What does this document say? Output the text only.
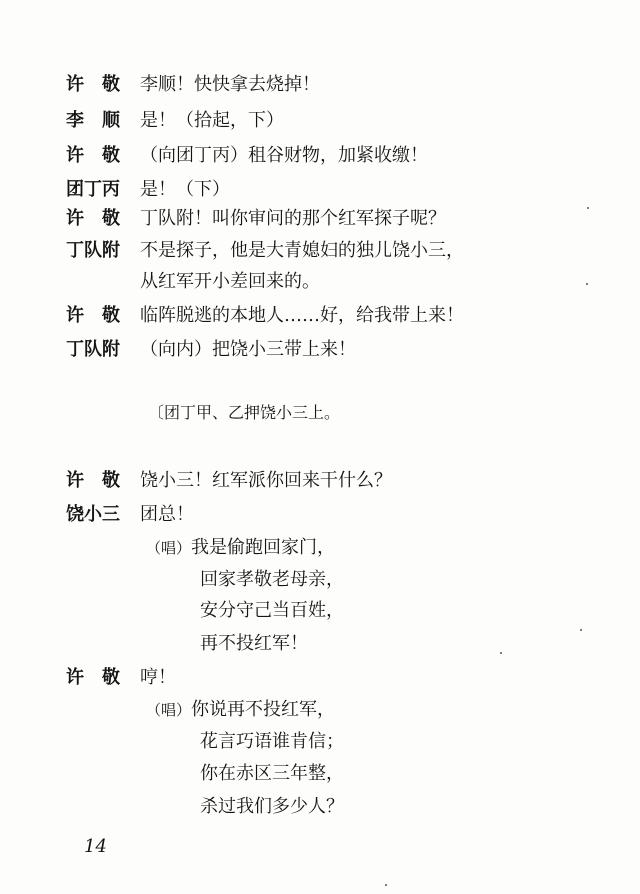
许　敬 李顺！快快拿去烧掉！
李　顺 是！（拾起，下）
许　敬 （向团丁丙）租谷财物，加紧收缴！
团丁丙 是！（下）
许　敬 丁队附！叫你审问的那个红军探子呢？
丁队附 不是探子，他是大青媳妇的独儿饶小三，
从红军开小差回来的。
许　敬 临阵脱逃的本地人……好，给我带上来！
丁队附 （向内）把饶小三带上来！
〔团丁甲、乙押饶小三上。
许　敬 饶小三！红军派你回来干什么？
饶小三 团总！
（唱）我是偷跑回家门，
回家孝敬老母亲，
安分守己当百姓，
再不投红军！
许　敬 哼！
（唱）你说再不投红军，
花言巧语谁肯信；
你在赤区三年整，
杀过我们多少人？
14
